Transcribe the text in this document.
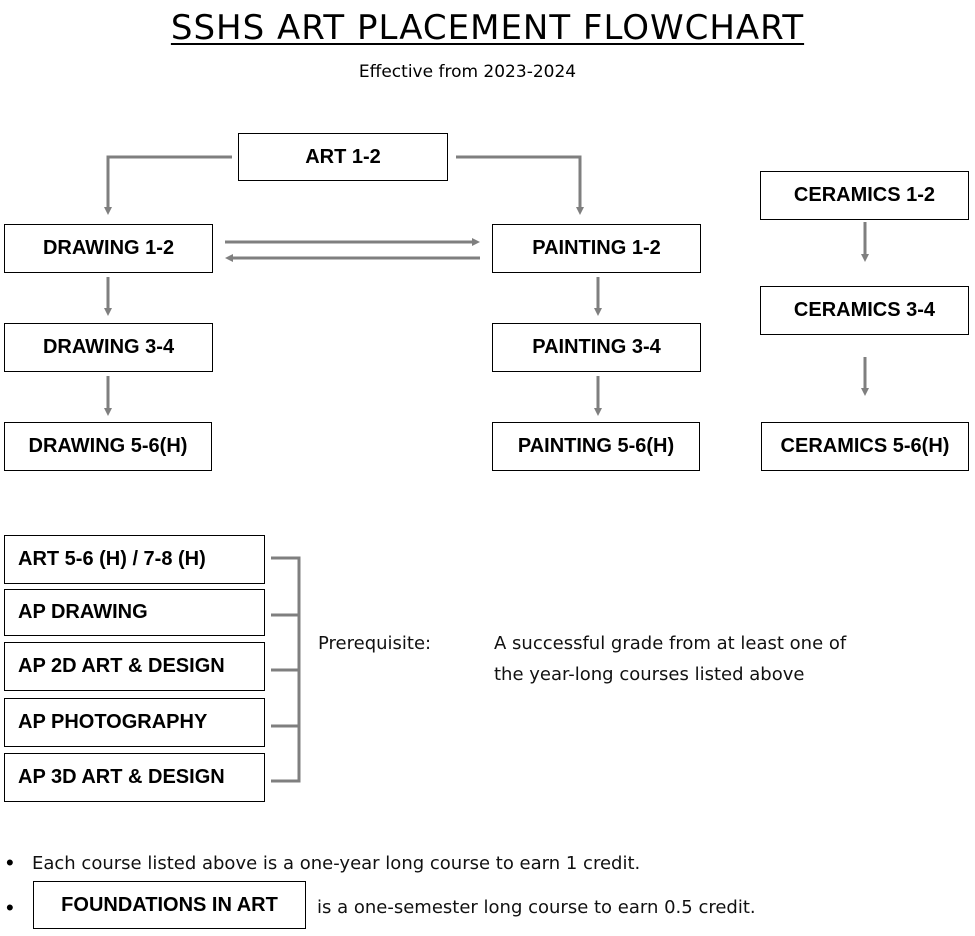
SSHS ART PLACEMENT FLOWCHART
Effective from 2023-2024
ART 1-2
DRAWING 1-2
DRAWING 3-4
DRAWING 5-6(H)
PAINTING 1-2
PAINTING 3-4
PAINTING 5-6(H)
CERAMICS 1-2
CERAMICS 3-4
CERAMICS 5-6(H)
ART 5-6 (H) / 7-8 (H)
AP DRAWING
AP 2D ART & DESIGN
AP PHOTOGRAPHY
AP 3D ART & DESIGN
Prerequisite:	A successful grade from at least one of
the year-long courses listed above
• Each course listed above is a one-year long course to earn 1 credit.
•	FOUNDATIONS IN ART	is a one-semester long course to earn 0.5 credit.
